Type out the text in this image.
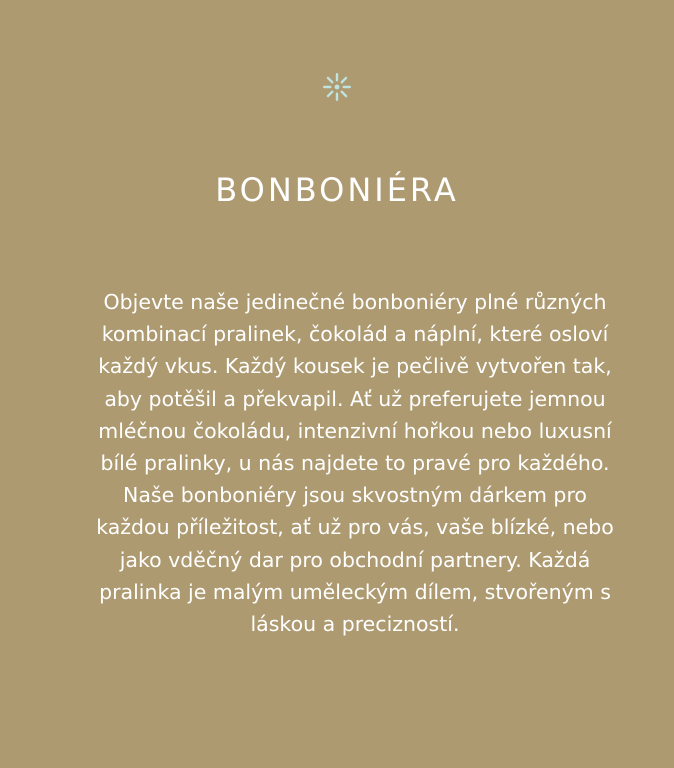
BONBONIÉRA

Objevte naše jedinečné bonboniéry plné různých kombinací pralinek, čokolád a náplní, které osloví každý vkus. Každý kousek je pečlivě vytvořen tak, aby potěšil a překvapil. Ať už preferujete jemnou mléčnou čokoládu, intenzivní hořkou nebo luxusní bílé pralinky, u nás najdete to pravé pro každého. Naše bonboniéry jsou skvostným dárkem pro každou příležitost, ať už pro vás, vaše blízké, nebo jako vděčný dar pro obchodní partnery. Každá pralinka je malým uměleckým dílem, stvořeným s láskou a precizností.
